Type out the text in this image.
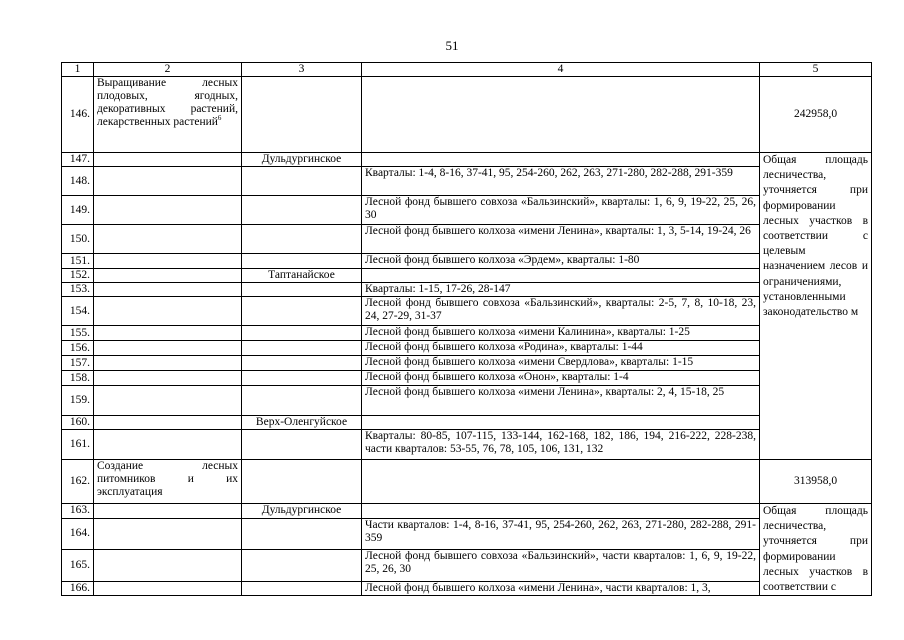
51
1	2	3	4	5
146.	Выращивание лесных плодовых, ягодных, декоративных растений, лекарственных растений$^6$			242958,0
147.		Дульдургинское		Общая площадь лесничества, уточняется при формировании лесных участков в соответствии с целевым назначением лесов и ограничениями, установленными законодательство м
148.			Кварталы: 1-4, 8-16, 37-41, 95, 254-260, 262, 263, 271-280, 282-288, 291-359	
149.			Лесной фонд бывшего совхоза «Бальзинский», кварталы: 1, 6, 9, 19-22, 25, 26, 30	
150.			Лесной фонд бывшего колхоза «имени Ленина», кварталы: 1, 3, 5-14, 19-24, 26	
151.			Лесной фонд бывшего колхоза «Эрдем», кварталы: 1-80	
152.		Таптанайское		
153.			Кварталы: 1-15, 17-26, 28-147	
154.			Лесной фонд бывшего совхоза «Бальзинский», кварталы: 2-5, 7, 8, 10-18, 23, 24, 27-29, 31-37	
155.			Лесной фонд бывшего колхоза «имени Калинина», кварталы: 1-25	
156.			Лесной фонд бывшего колхоза «Родина», кварталы: 1-44	
157.			Лесной фонд бывшего колхоза «имени Свердлова», кварталы: 1-15	
158.			Лесной фонд бывшего колхоза «Онон», кварталы: 1-4	
159.			Лесной фонд бывшего колхоза «имени Ленина», кварталы: 2, 4, 15-18, 25	
160.		Верх-Оленгуйское		
161.			Кварталы: 80-85, 107-115, 133-144, 162-168, 182, 186, 194, 216-222, 228-238, части кварталов: 53-55, 76, 78, 105, 106, 131, 132	
162.	Создание лесных питомников и их эксплуатация			313958,0
163.		Дульдургинское		Общая площадь лесничества, уточняется при формировании лесных участков в соответствии с
164.			Части кварталов: 1-4, 8-16, 37-41, 95, 254-260, 262, 263, 271-280, 282-288, 291-359	
165.			Лесной фонд бывшего совхоза «Бальзинский», части кварталов: 1, 6, 9, 19-22, 25, 26, 30	
166.			Лесной фонд бывшего колхоза «имени Ленина», части кварталов: 1, 3,	
